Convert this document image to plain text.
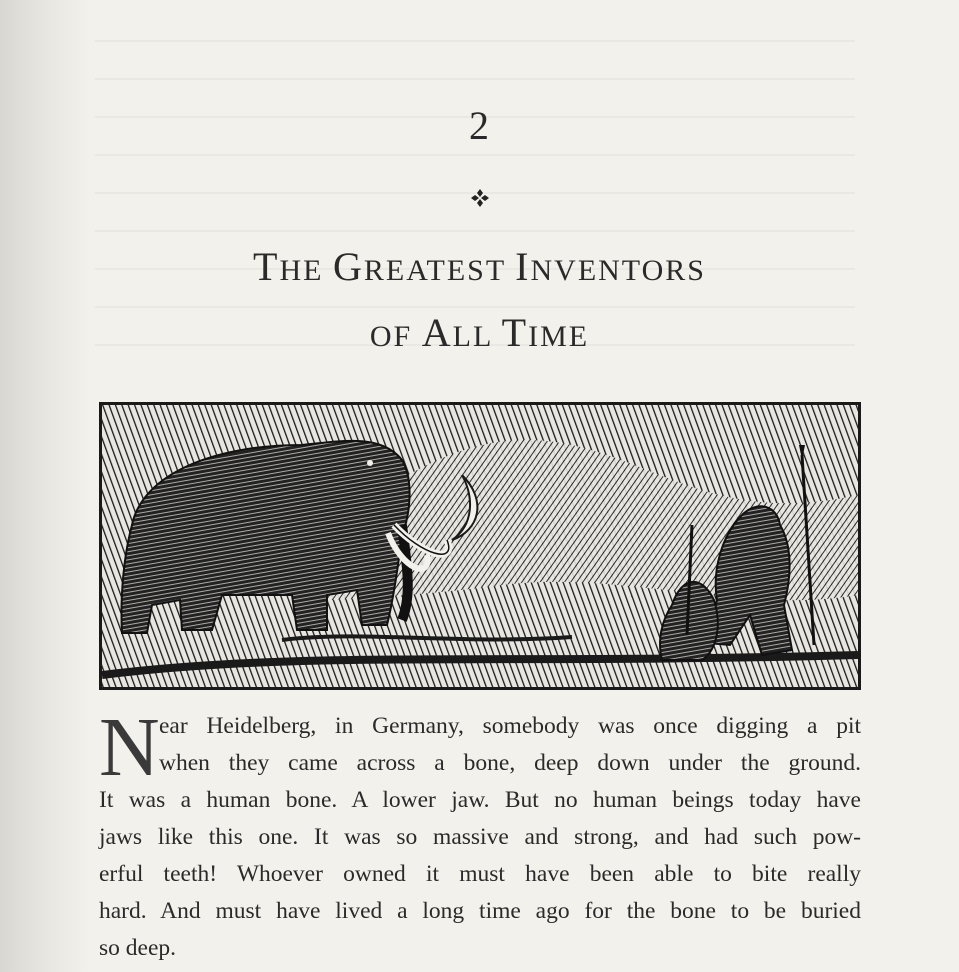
2
THE GREATEST INVENTORS
OF ALL TIME
N ear Heidelberg, in Germany, somebody was once digging a pit
when they came across a bone, deep down under the ground.
It was a human bone. A lower jaw. But no human beings today have
jaws like this one. It was so massive and strong, and had such pow-
erful teeth! Whoever owned it must have been able to bite really
hard. And must have lived a long time ago for the bone to be buried
so deep.
